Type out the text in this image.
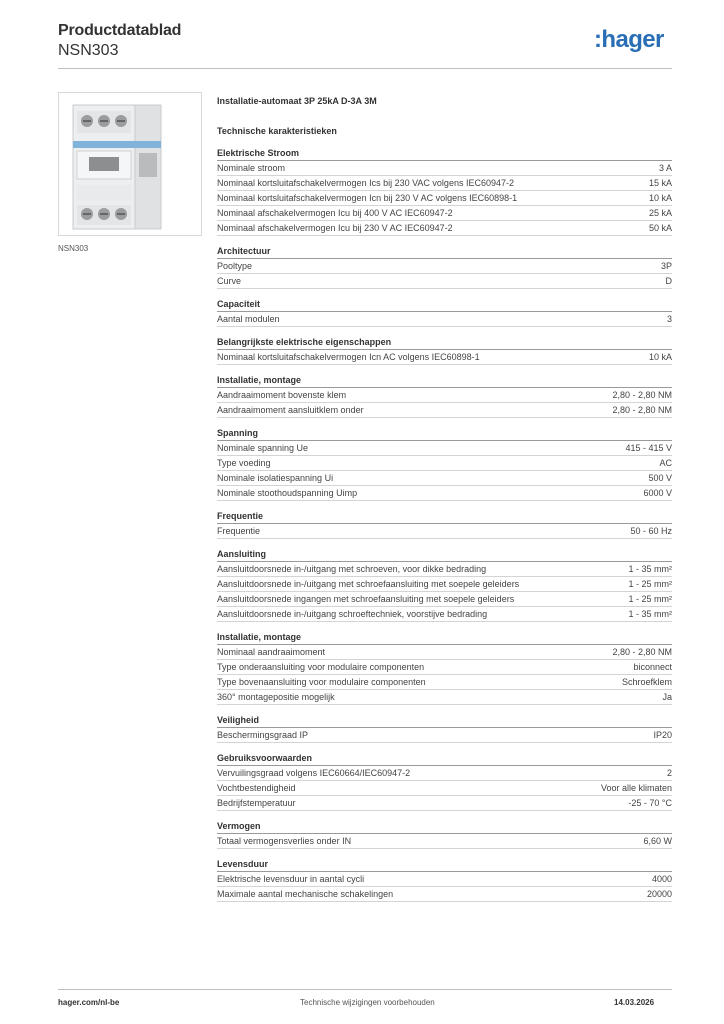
Productdatablad
NSN303	:hager
NSN303
Installatie-automaat 3P 25kA D-3A 3M
Technische karakteristieken
Elektrische Stroom
Nominale stroom	3 A
Nominaal kortsluitafschakelvermogen Ics bij 230 VAC volgens IEC60947-2	15 kA
Nominaal kortsluitafschakelvermogen Icn bij 230 V AC volgens IEC60898-1	10 kA
Nominaal afschakelvermogen Icu bij 400 V AC IEC60947-2	25 kA
Nominaal afschakelvermogen Icu bij 230 V AC IEC60947-2	50 kA
Architectuur
Pooltype	3P
Curve	D
Capaciteit
Aantal modulen	3
Belangrijkste elektrische eigenschappen
Nominaal kortsluitafschakelvermogen Icn AC volgens IEC60898-1	10 kA
Installatie, montage
Aandraaimoment bovenste klem	2,80 - 2,80 NM
Aandraaimoment aansluitklem onder	2,80 - 2,80 NM
Spanning
Nominale spanning Ue	415 - 415 V
Type voeding	AC
Nominale isolatiespanning Ui	500 V
Nominale stoothoudspanning Uimp	6000 V
Frequentie
Frequentie	50 - 60 Hz
Aansluiting
Aansluitdoorsnede in-/uitgang met schroeven, voor dikke bedrading	1 - 35 mm²
Aansluitdoorsnede in-/uitgang met schroefaansluiting met soepele geleiders	1 - 25 mm²
Aansluitdoorsnede ingangen met schroefaansluiting met soepele geleiders	1 - 25 mm²
Aansluitdoorsnede in-/uitgang schroeftechniek, voorstijve bedrading	1 - 35 mm²
Installatie, montage
Nominaal aandraaimoment	2,80 - 2,80 NM
Type onderaansluiting voor modulaire componenten	biconnect
Type bovenaansluiting voor modulaire componenten	Schroefklem
360° montagepositie mogelijk	Ja
Veiligheid
Beschermingsgraad IP	IP20
Gebruiksvoorwaarden
Vervuilingsgraad volgens IEC60664/IEC60947-2	2
Vochtbestendigheid	Voor alle klimaten
Bedrijfstemperatuur	-25 - 70 °C
Vermogen
Totaal vermogensverlies onder IN	6,60 W
Levensduur
Elektrische levensduur in aantal cycli	4000
Maximale aantal mechanische schakelingen	20000
hager.com/nl-be	Technische wijzigingen voorbehouden	14.03.2026
